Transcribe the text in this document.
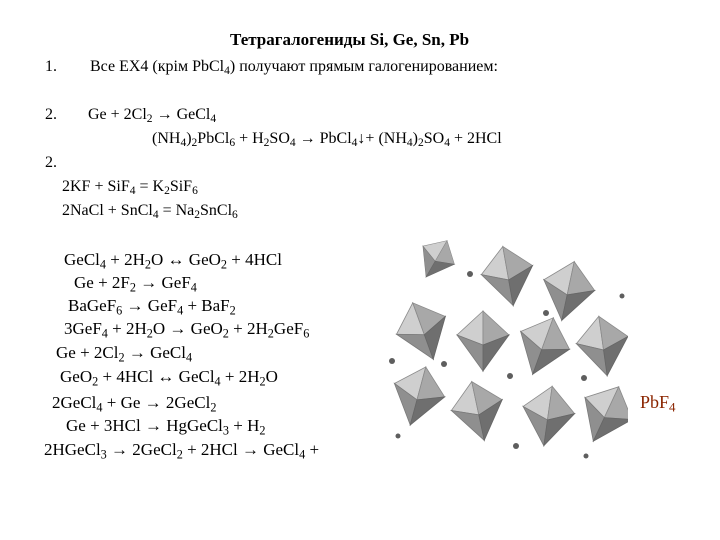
Тетрагалогениды Si, Ge, Sn, Pb
1. Все ЕХ4 (крім PbCl$_4$) получают прямым галогенированием:
2. $Ge + 2Cl_2$ → GeCl$_4$
$(NH_4)_2PbCl_6 + H_2SO_4$ → PbCl$_4$↓+ $(NH_4)_2SO_4 + 2HCl$
2.
$2KF + SiF_4 = K_2SiF_6$
2NaCl + SnCl$_4$ = $Na_2SnCl_6$
GeCl$_4$ + $2H_2O$ ↔ GeO$_2$ + 4HCl
$Ge + 2F_2 \to GeF_4$
BaGeF$_6$ → GeF$_4$ + BaF$_2$
$3GeF_4 + 2H_2O \to GeO_2 + 2H_2GeF_6$
$Ge + 2Cl_2$ → GeCl$_4$
GeO$_2$ + 4HCl ↔ GeCl$_4$ + $2H_2O$
2GeCl$_4$ + Ge → 2GeCl$_2$
Ge + 3HCl → HgGeCl$_3$ + $H_2$
2HGeCl$_3$ → 2GeCl$_2$ + 2HCl → GeCl$_4$ +
PbF$_4$
